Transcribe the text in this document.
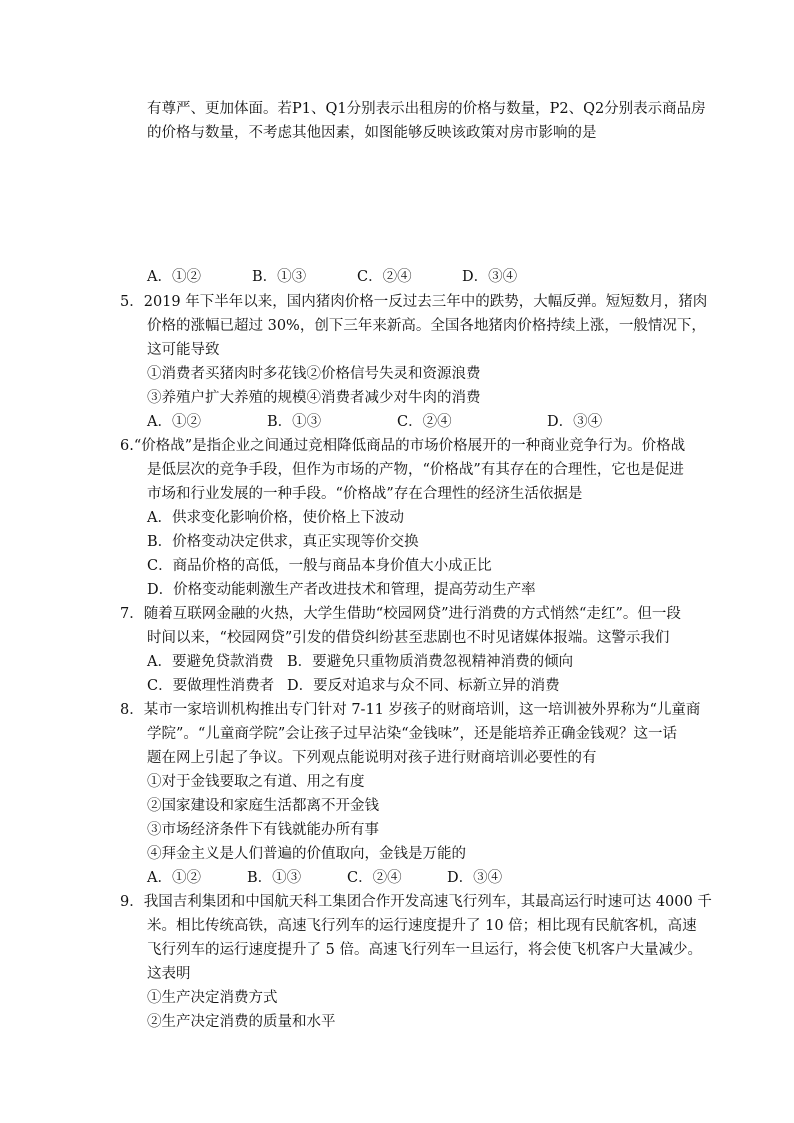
有尊严、更加体面。若P1、Q1分别表示出租房的价格与数量，P2、Q2分别表示商品房
的价格与数量，不考虑其他因素，如图能够反映该政策对房市影响的是
A．①②	B．①③	C．②④	D．③④
5．2019 年下半年以来，国内猪肉价格一反过去三年中的跌势，大幅反弹。短短数月，猪肉
价格的涨幅已超过 30%，创下三年来新高。全国各地猪肉价格持续上涨，一般情况下，
这可能导致
①消费者买猪肉时多花钱②价格信号失灵和资源浪费
③养殖户扩大养殖的规模④消费者减少对牛肉的消费
A．①②	B．①③	C．②④	D．③④
6.“价格战”是指企业之间通过竞相降低商品的市场价格展开的一种商业竞争行为。价格战
是低层次的竞争手段，但作为市场的产物，“价格战”有其存在的合理性，它也是促进
市场和行业发展的一种手段。“价格战”存在合理性的经济生活依据是
A．供求变化影响价格，使价格上下波动
B．价格变动决定供求，真正实现等价交换
C．商品价格的高低，一般与商品本身价值大小成正比
D．价格变动能刺激生产者改进技术和管理，提高劳动生产率
7．随着互联网金融的火热，大学生借助“校园网贷”进行消费的方式悄然“走红”。但一段
时间以来，“校园网贷”引发的借贷纠纷甚至悲剧也不时见诸媒体报端。这警示我们
A．要避免贷款消费 B．要避免只重物质消费忽视精神消费的倾向
C．要做理性消费者 D．要反对追求与众不同、标新立异的消费
8．某市一家培训机构推出专门针对 7-11 岁孩子的财商培训，这一培训被外界称为“儿童商
学院”。“儿童商学院”会让孩子过早沾染“金钱味”，还是能培养正确金钱观？这一话
题在网上引起了争议。下列观点能说明对孩子进行财商培训必要性的有
①对于金钱要取之有道、用之有度
②国家建设和家庭生活都离不开金钱
③市场经济条件下有钱就能办所有事
④拜金主义是人们普遍的价值取向，金钱是万能的
A．①②	B．①③	C．②④	D．③④
9．我国吉利集团和中国航天科工集团合作开发高速飞行列车，其最高运行时速可达 4000 千
米。相比传统高铁，高速飞行列车的运行速度提升了 10 倍；相比现有民航客机，高速
飞行列车的运行速度提升了 5 倍。高速飞行列车一旦运行，将会使飞机客户大量减少。
这表明
①生产决定消费方式
②生产决定消费的质量和水平
